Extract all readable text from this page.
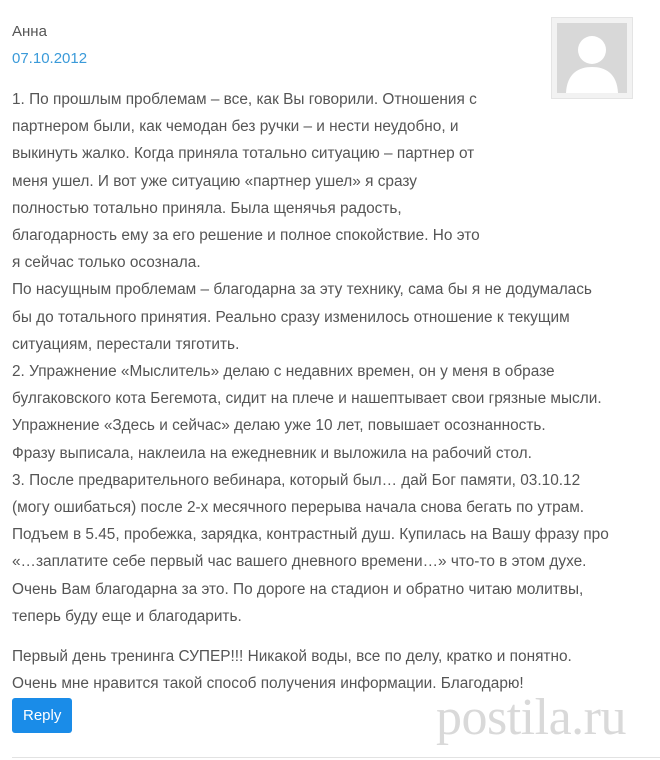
Анна

07.10.2012

1. По прошлым проблемам – все, как Вы говорили. Отношения с партнером были, как чемодан без ручки – и нести неудобно, и выкинуть жалко. Когда приняла тотально ситуацию – партнер от меня ушел. И вот уже ситуацию «партнер ушел» я сразу полностью тотально приняла. Была щенячья радость, благодарность ему за его решение и полное спокойствие. Но это я сейчас только осознала.

По насущным проблемам – благодарна за эту технику, сама бы я не додумалась бы до тотального принятия. Реально сразу изменилось отношение к текущим ситуациям, перестали тяготить.

2. Упражнение «Мыслитель» делаю с недавних времен, он у меня в образе булгаковского кота Бегемота, сидит на плече и нашептывает свои грязные мысли. Упражнение «Здесь и сейчас» делаю уже 10 лет, повышает осознанность.

Фразу выписала, наклеила на ежедневник и выложила на рабочий стол.

3. После предварительного вебинара, который был… дай Бог памяти, 03.10.12 (могу ошибаться) после 2-х месячного перерыва начала снова бегать по утрам. Подъем в 5.45, пробежка, зарядка, контрастный душ. Купилась на Вашу фразу про «…заплатите себе первый час вашего дневного времени…» что-то в этом духе. Очень Вам благодарна за это. По дороге на стадион и обратно читаю молитвы, теперь буду еще и благодарить.

Первый день тренинга СУПЕР!!! Никакой воды, все по делу, кратко и понятно. Очень мне нравится такой способ получения информации. Благодарю!

Reply	postila.ru
